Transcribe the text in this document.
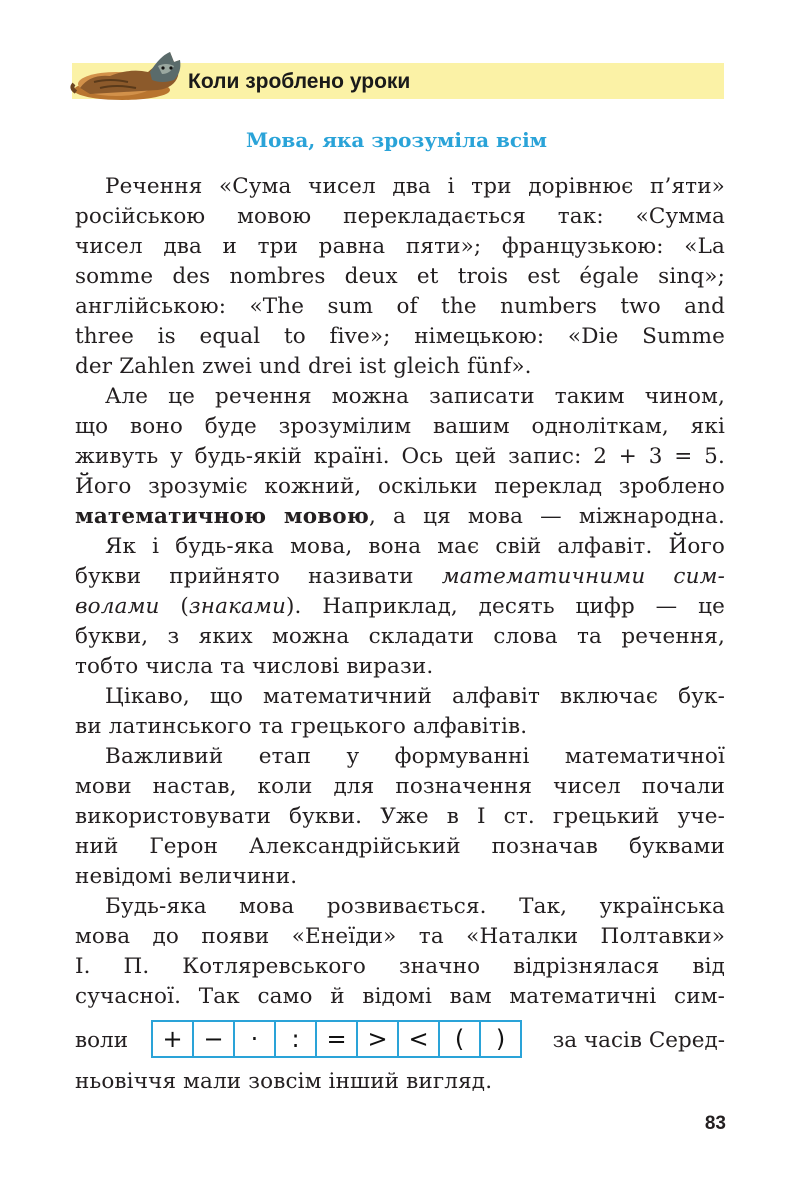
Коли зроблено уроки
Мова, яка зрозуміла всім
Речення «Сума чисел два і три дорівнює п’яти»
російською мовою перекладається так: «Сумма
чисел два и три равна пяти»; французькою: «La
somme des nombres deux et trois est égale sinq»;
англійською: «The sum of the numbers two and
three is equal to five»; німецькою: «Die Summe
der Zahlen zwei und drei ist gleich fünf».
Але це речення можна записати таким чином,
що воно буде зрозумілим вашим одноліткам, які
живуть у будь-якій країні. Ось цей запис: 2 + 3 = 5.
Його зрозуміє кожний, оскільки переклад зроблено
математичною мовою, а ця мова — міжнародна.
Як і будь-яка мова, вона має свій алфавіт. Його
букви прийнято називати математичними сим-
волами (знаками). Наприклад, десять цифр — це
букви, з яких можна складати слова та речення,
тобто числа та числові вирази.
Цікаво, що математичний алфавіт включає бук-
ви латинського та грецького алфавітів.
Важливий етап у формуванні математичної
мови настав, коли для позначення чисел почали
використовувати букви. Уже в I ст. грецький уче-
ний Герон Александрійський позначав буквами
невідомі величини.
Будь-яка мова розвивається. Так, українська
мова до появи «Енеїди» та «Наталки Полтавки»
І. П. Котляревського значно відрізнялася від
сучасної. Так само й відомі вам математичні сим-
воли	+ −	·	:	= > <	(	)	за часів Серед-
ньовіччя мали зовсім інший вигляд.
83
